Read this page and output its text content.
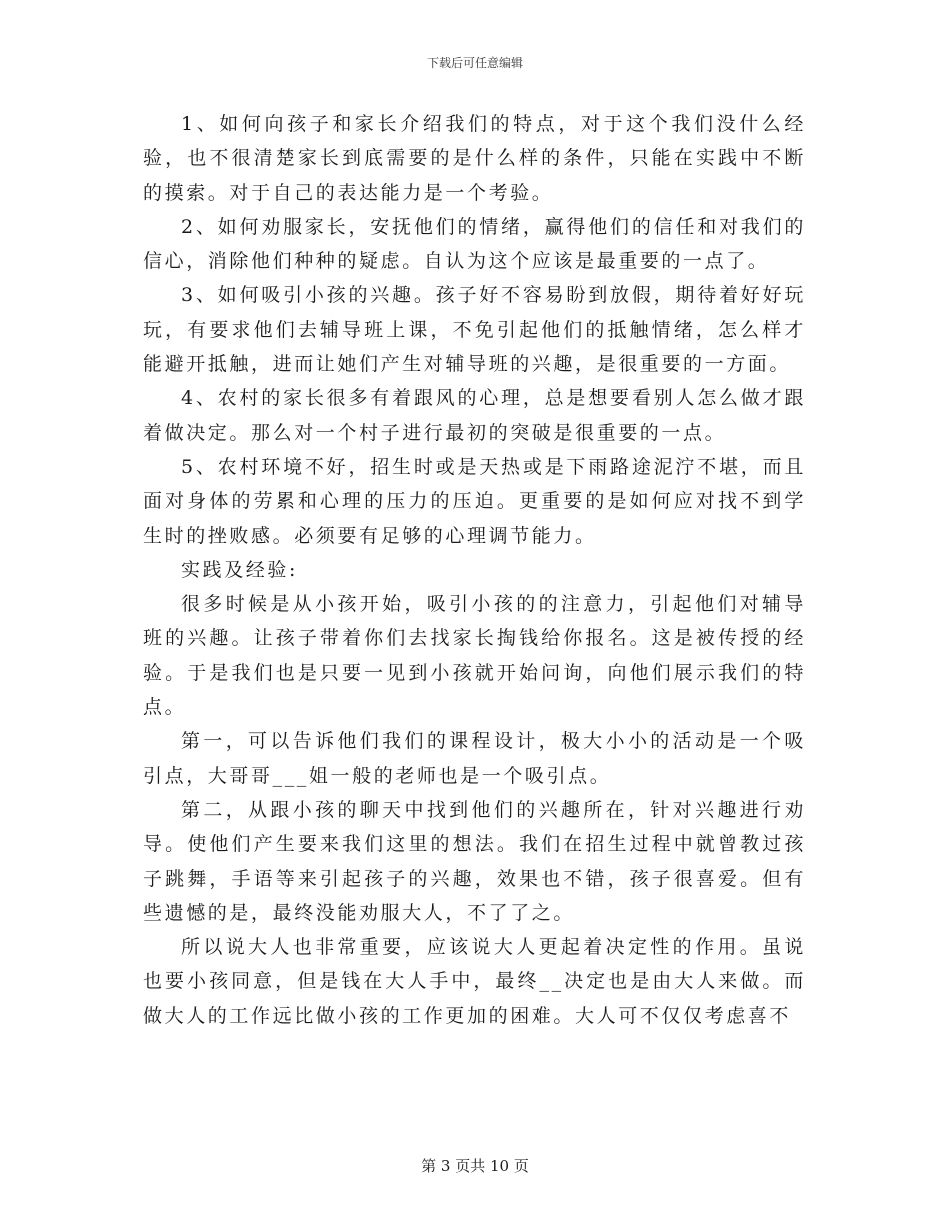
下载后可任意编辑

1、如何向孩子和家长介绍我们的特点，对于这个我们没什么经验，也不很清楚家长到底需要的是什么样的条件，只能在实践中不断的摸索。对于自己的表达能力是一个考验。

2、如何劝服家长，安抚他们的情绪，赢得他们的信任和对我们的信心，消除他们种种的疑虑。自认为这个应该是最重要的一点了。

3、如何吸引小孩的兴趣。孩子好不容易盼到放假，期待着好好玩玩，有要求他们去辅导班上课，不免引起他们的抵触情绪，怎么样才能避开抵触，进而让她们产生对辅导班的兴趣，是很重要的一方面。

4、农村的家长很多有着跟风的心理，总是想要看别人怎么做才跟着做决定。那么对一个村子进行最初的突破是很重要的一点。

5、农村环境不好，招生时或是天热或是下雨路途泥泞不堪，而且面对身体的劳累和心理的压力的压迫。更重要的是如何应对找不到学生时的挫败感。必须要有足够的心理调节能力。

实践及经验:

很多时候是从小孩开始，吸引小孩的的注意力，引起他们对辅导班的兴趣。让孩子带着你们去找家长掏钱给你报名。这是被传授的经验。于是我们也是只要一见到小孩就开始问询，向他们展示我们的特点。

第一，可以告诉他们我们的课程设计，极大小小的活动是一个吸引点，大哥哥___姐一般的老师也是一个吸引点。

第二，从跟小孩的聊天中找到他们的兴趣所在，针对兴趣进行劝导。使他们产生要来我们这里的想法。我们在招生过程中就曾教过孩子跳舞，手语等来引起孩子的兴趣，效果也不错，孩子很喜爱。但有些遗憾的是，最终没能劝服大人，不了了之。

所以说大人也非常重要，应该说大人更起着决定性的作用。虽说也要小孩同意，但是钱在大人手中，最终__决定也是由大人来做。而做大人的工作远比做小孩的工作更加的困难。大人可不仅仅考虑喜不

第 3 页共 10 页
